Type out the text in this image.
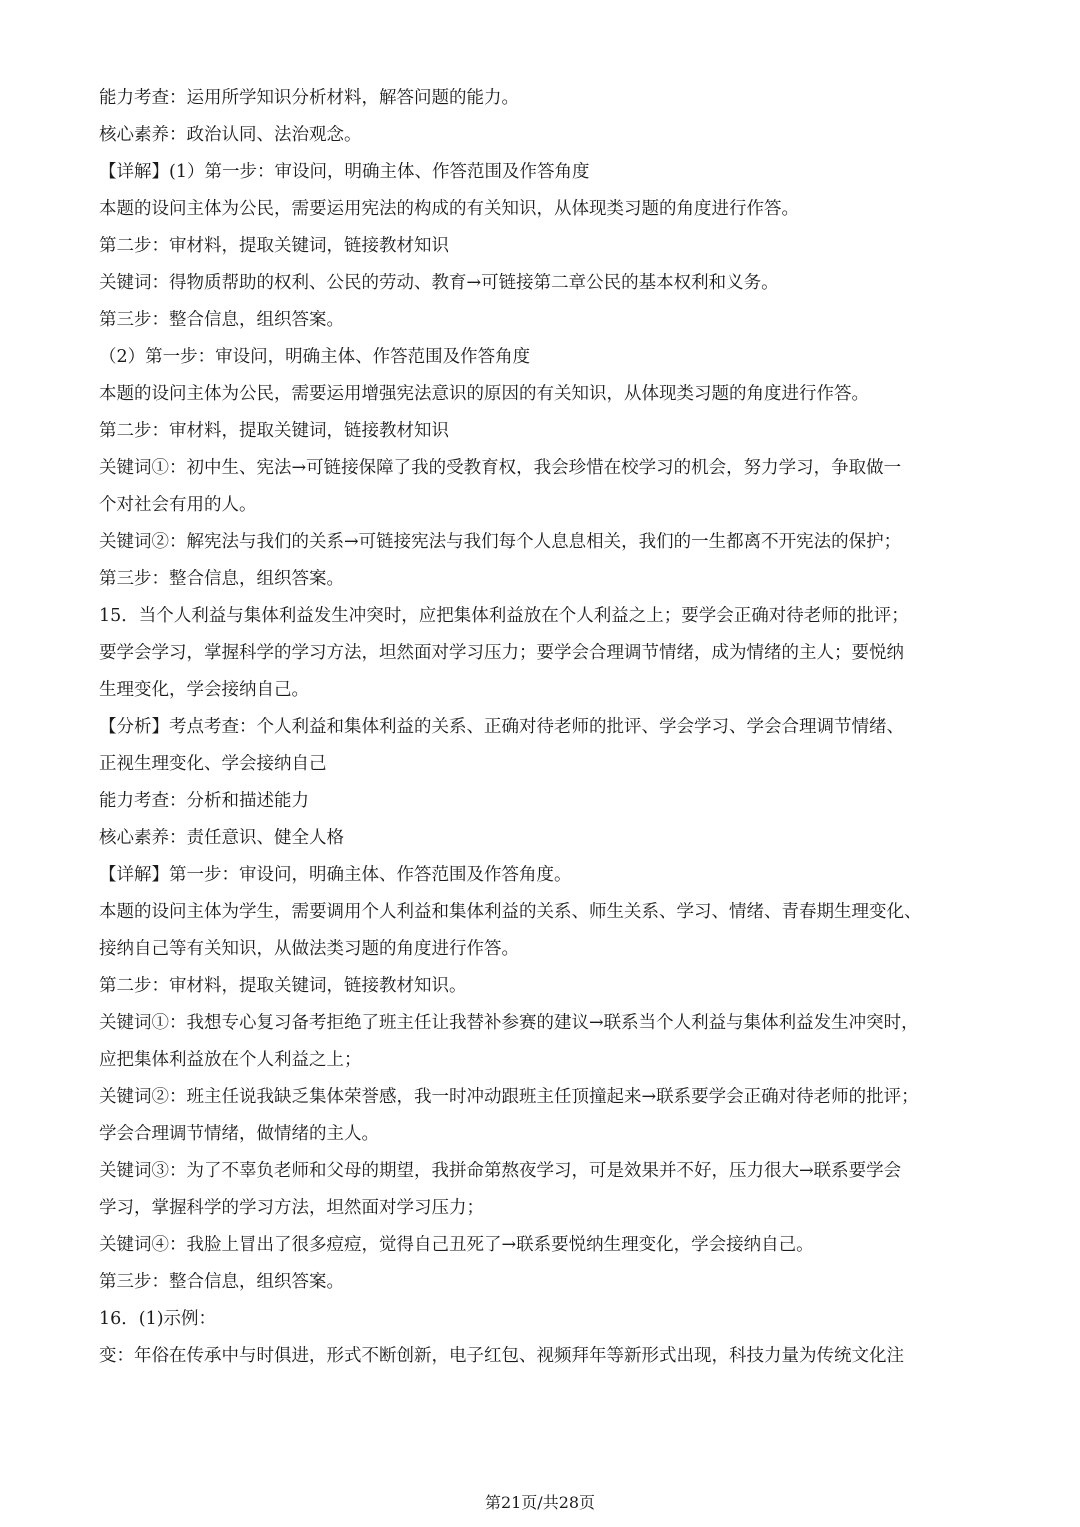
能力考查：运用所学知识分析材料，解答问题的能力。
核心素养：政治认同、法治观念。
【详解】(1）第一步：审设问，明确主体、作答范围及作答角度
本题的设问主体为公民，需要运用宪法的构成的有关知识，从体现类习题的角度进行作答。
第二步：审材料，提取关键词，链接教材知识
关键词：得物质帮助的权利、公民的劳动、教育→可链接第二章公民的基本权利和义务。
第三步：整合信息，组织答案。
（2）第一步：审设问，明确主体、作答范围及作答角度
本题的设问主体为公民，需要运用增强宪法意识的原因的有关知识，从体现类习题的角度进行作答。
第二步：审材料，提取关键词，链接教材知识
关键词①：初中生、宪法→可链接保障了我的受教育权，我会珍惜在校学习的机会，努力学习，争取做一
个对社会有用的人。
关键词②：解宪法与我们的关系→可链接宪法与我们每个人息息相关，我们的一生都离不开宪法的保护；
第三步：整合信息，组织答案。
15．当个人利益与集体利益发生冲突时，应把集体利益放在个人利益之上；要学会正确对待老师的批评；
要学会学习，掌握科学的学习方法，坦然面对学习压力；要学会合理调节情绪，成为情绪的主人；要悦纳
生理变化，学会接纳自己。
【分析】考点考查：个人利益和集体利益的关系、正确对待老师的批评、学会学习、学会合理调节情绪、
正视生理变化、学会接纳自己
能力考查：分析和描述能力
核心素养：责任意识、健全人格
【详解】第一步：审设问，明确主体、作答范围及作答角度。
本题的设问主体为学生，需要调用个人利益和集体利益的关系、师生关系、学习、情绪、青春期生理变化、
接纳自己等有关知识，从做法类习题的角度进行作答。
第二步：审材料，提取关键词，链接教材知识。
关键词①：我想专心复习备考拒绝了班主任让我替补参赛的建议→联系当个人利益与集体利益发生冲突时，
应把集体利益放在个人利益之上；
关键词②：班主任说我缺乏集体荣誉感，我一时冲动跟班主任顶撞起来→联系要学会正确对待老师的批评；
学会合理调节情绪，做情绪的主人。
关键词③：为了不辜负老师和父母的期望，我拼命第熬夜学习，可是效果并不好，压力很大→联系要学会
学习，掌握科学的学习方法，坦然面对学习压力；
关键词④：我脸上冒出了很多痘痘，觉得自己丑死了→联系要悦纳生理变化，学会接纳自己。
第三步：整合信息，组织答案。
16．(1)示例：
变：年俗在传承中与时俱进，形式不断创新，电子红包、视频拜年等新形式出现，科技力量为传统文化注
第21页/共28页
